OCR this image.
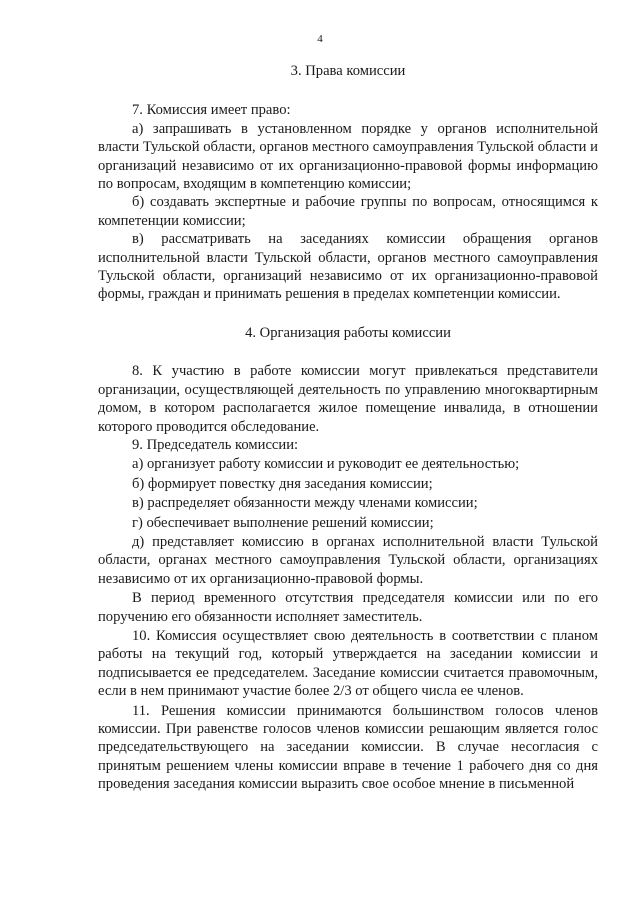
4

3. Права комиссии

7. Комиссия имеет право:

а) запрашивать в установленном порядке у органов исполнительной власти Тульской области, органов местного самоуправления Тульской области и организаций независимо от их организационно-правовой формы информацию по вопросам, входящим в компетенцию комиссии;

б) создавать экспертные и рабочие группы по вопросам, относящимся к компетенции комиссии;

в) рассматривать на заседаниях комиссии обращения органов исполнительной власти Тульской области, органов местного самоуправления Тульской области, организаций независимо от их организационно-правовой формы, граждан и принимать решения в пределах компетенции комиссии.

4. Организация работы комиссии

8. К участию в работе комиссии могут привлекаться представители организации, осуществляющей деятельность по управлению многоквартирным домом, в котором располагается жилое помещение инвалида, в отношении которого проводится обследование.

9. Председатель комиссии:

а) организует работу комиссии и руководит ее деятельностью;

б) формирует повестку дня заседания комиссии;

в) распределяет обязанности между членами комиссии;

г) обеспечивает выполнение решений комиссии;

д) представляет комиссию в органах исполнительной власти Тульской области, органах местного самоуправления Тульской области, организациях независимо от их организационно-правовой формы.

В период временного отсутствия председателя комиссии или по его поручению его обязанности исполняет заместитель.

10. Комиссия осуществляет свою деятельность в соответствии с планом работы на текущий год, который утверждается на заседании комиссии и подписывается ее председателем. Заседание комиссии считается правомочным, если в нем принимают участие более 2/3 от общего числа ее членов.

11. Решения комиссии принимаются большинством голосов членов комиссии. При равенстве голосов членов комиссии решающим является голос председательствующего на заседании комиссии. В случае несогласия с принятым решением члены комиссии вправе в течение 1 рабочего дня со дня проведения заседания комиссии выразить свое особое мнение в письменной
